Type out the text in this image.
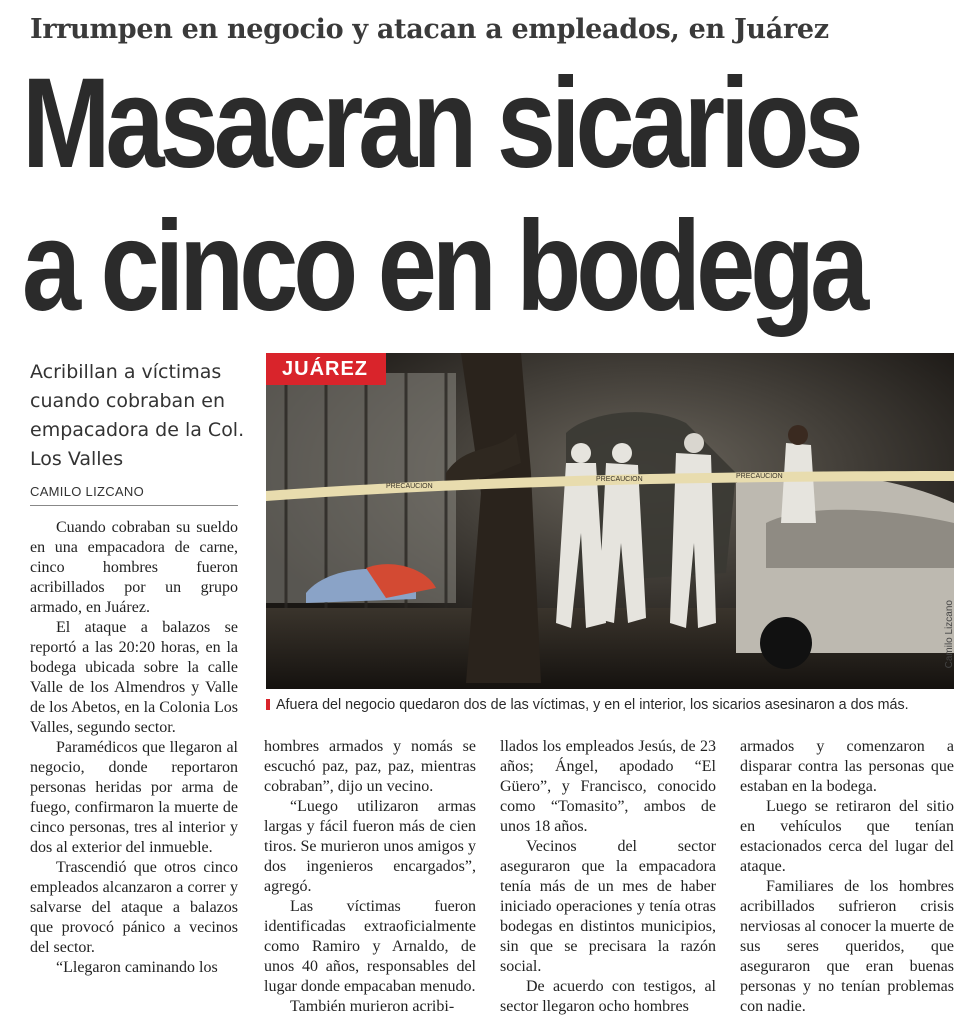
Irrumpen en negocio y atacan a empleados, en Juárez
Masacran sicarios
a cinco en bodega
Acribillan a víctimas cuando cobraban en empacadora de la Col. Los Valles
CAMILO LIZCANO	PRECAUCION
PRECAUCION	PRECAUCION
JUÁREZ
Camilo Lizcano
Afuera del negocio quedaron dos de las víctimas, y en el interior, los sicarios asesinaron a dos más.

Cuando cobraban su sueldo en una empacadora de carne, cinco hombres fueron acribillados por un grupo armado, en Juárez.

El ataque a balazos se reportó a las 20:20 horas, en la bodega ubicada sobre la calle Valle de los Almendros y Valle de los Abetos, en la Colonia Los Valles, segundo sector.

Paramédicos que llegaron al negocio, donde reportaron personas heridas por arma de fuego, confirmaron la muerte de cinco personas, tres al interior y dos al exterior del inmueble.

Trascendió que otros cinco empleados alcanzaron a correr y salvarse del ataque a balazos que provocó pánico a vecinos del sector.

“Llegaron caminando los

hombres armados y nomás se escuchó paz, paz, paz, mientras cobraban”, dijo un vecino.

“Luego utilizaron armas largas y fácil fueron más de cien tiros. Se murieron unos amigos y dos ingenieros encargados”, agregó.

Las víctimas fueron identificadas extraoficialmente como Ramiro y Arnaldo, de unos 40 años, responsables del lugar donde empacaban menudo.

También murieron acribi-

llados los empleados Jesús, de 23 años; Ángel, apodado “El Güero”, y Francisco, conocido como “Tomasito”, ambos de unos 18 años.

Vecinos del sector aseguraron que la empacadora tenía más de un mes de haber iniciado operaciones y tenía otras bodegas en distintos municipios, sin que se precisara la razón social.

De acuerdo con testigos, al sector llegaron ocho hombres

armados y comenzaron a disparar contra las personas que estaban en la bodega.

Luego se retiraron del sitio en vehículos que tenían estacionados cerca del lugar del ataque.

Familiares de los hombres acribillados sufrieron crisis nerviosas al conocer la muerte de sus seres queridos, que aseguraron que eran buenas personas y no tenían problemas con nadie.
